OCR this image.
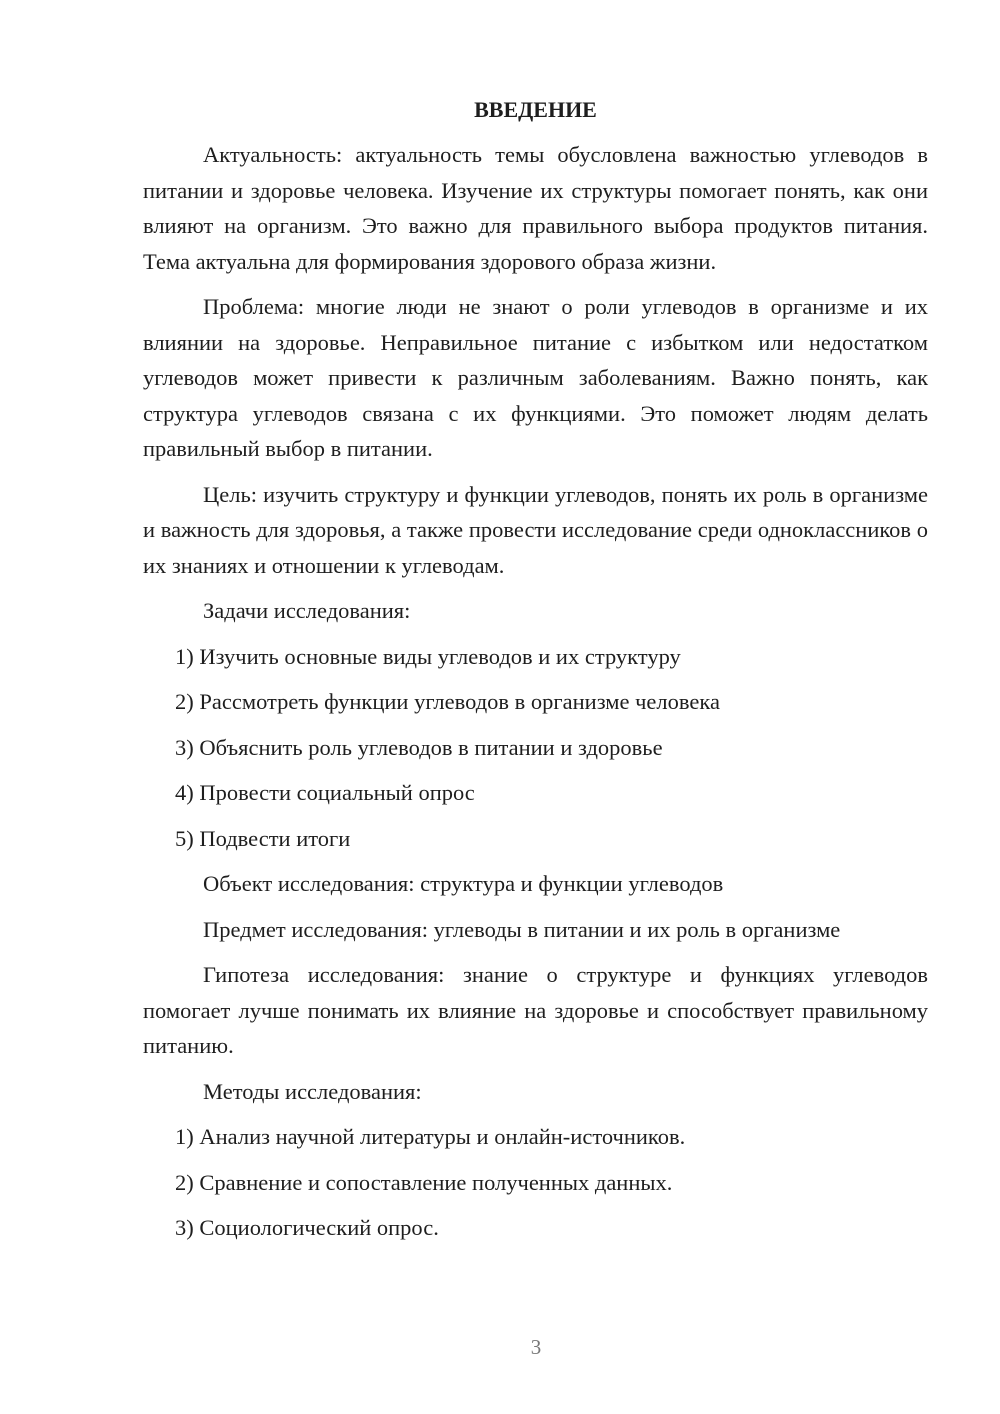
ВВЕДЕНИЕ

Актуальность: актуальность темы обусловлена важностью углеводов в питании и здоровье человека. Изучение их структуры помогает понять, как они влияют на организм. Это важно для правильного выбора продуктов питания. Тема актуальна для формирования здорового образа жизни.

Проблема: многие люди не знают о роли углеводов в организме и их влиянии на здоровье. Неправильное питание с избытком или недостатком углеводов может привести к различным заболеваниям. Важно понять, как структура углеводов связана с их функциями. Это поможет людям делать правильный выбор в питании.

Цель: изучить структуру и функции углеводов, понять их роль в организме и важность для здоровья, а также провести исследование среди одноклассников о их знаниях и отношении к углеводам.

Задачи исследования:
1) Изучить основные виды углеводов и их структуру
2) Рассмотреть функции углеводов в организме человека
3) Объяснить роль углеводов в питании и здоровье
4) Провести социальный опрос
5) Подвести итоги
Объект исследования: структура и функции углеводов
Предмет исследования: углеводы в питании и их роль в организме

Гипотеза исследования: знание о структуре и функциях углеводов помогает лучше понимать их влияние на здоровье и способствует правильному питанию.

Методы исследования:
1) Анализ научной литературы и онлайн-источников.
2) Сравнение и сопоставление полученных данных.
3) Социологический опрос.
3
